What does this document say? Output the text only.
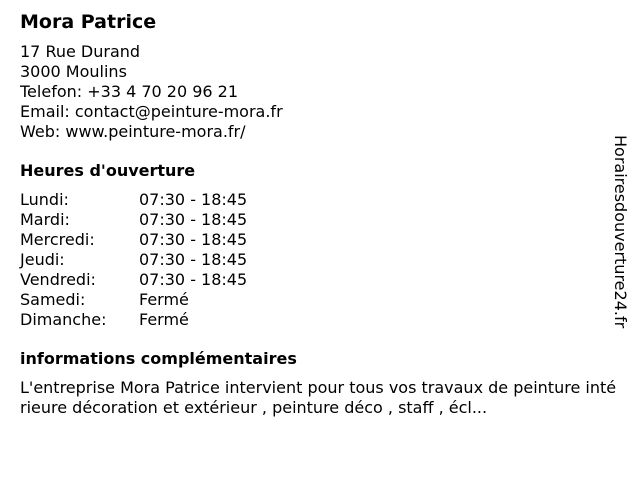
Mora Patrice
17 Rue Durand
3000 Moulins
Telefon: +33 4 70 20 96 21
Email: contact@peinture-mora.fr
Web: www.peinture-mora.fr/
Heures d'ouverture
Lundi:	07:30 - 18:45
Mardi:	07:30 - 18:45
Mercredi:	07:30 - 18:45
Jeudi:	07:30 - 18:45
Vendredi:	07:30 - 18:45
Samedi:	Fermé
Dimanche:	Fermé
informations complémentaires
L'entreprise Mora Patrice intervient pour tous vos travaux de peinture intérieure décoration et extérieur , peinture déco , staff , écl...
Horairesdouverture24.fr
